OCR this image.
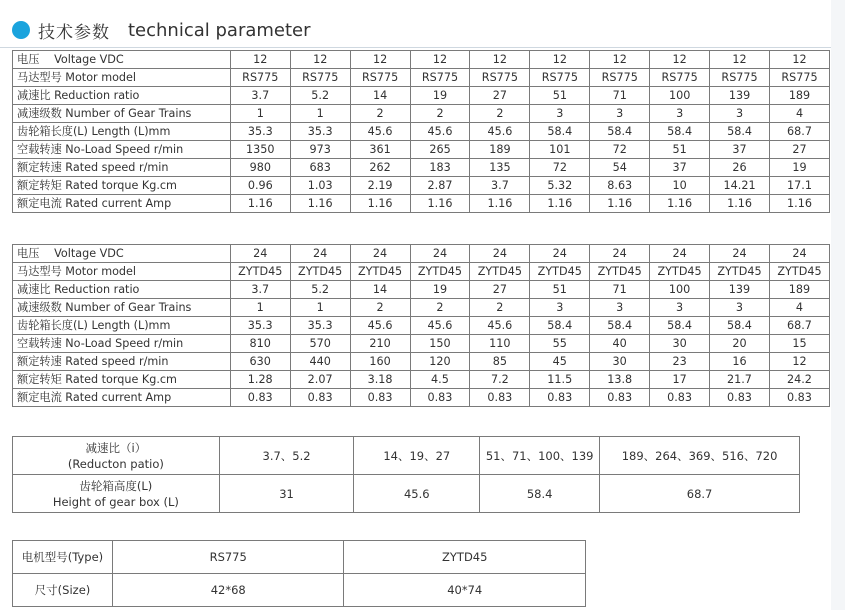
技术参数 technical parameter
电压　 Voltage VDC	12	12	12	12	12	12	12	12	12	12
马达型号 Motor model	RS775	RS775	RS775	RS775	RS775	RS775	RS775	RS775	RS775	RS775
减速比 Reduction ratio	3.7	5.2	14	19	27	51	71	100	139	189
减速级数 Number of Gear Trains	1	1	2	2	2	3	3	3	3	4
齿轮箱长度(L) Length (L)mm	35.3	35.3	45.6	45.6	45.6	58.4	58.4	58.4	58.4	68.7
空载转速 No-Load Speed r/min	1350	973	361	265	189	101	72	51	37	27
额定转速 Rated speed r/min	980	683	262	183	135	72	54	37	26	19
额定转矩 Rated torque Kg.cm	0.96	1.03	2.19	2.87	3.7	5.32	8.63	10	14.21	17.1
额定电流 Rated current Amp	1.16	1.16	1.16	1.16	1.16	1.16	1.16	1.16	1.16	1.16
电压　 Voltage VDC	24	24	24	24	24	24	24	24	24	24
马达型号 Motor model	ZYTD45	ZYTD45	ZYTD45	ZYTD45	ZYTD45	ZYTD45	ZYTD45	ZYTD45	ZYTD45	ZYTD45
减速比 Reduction ratio	3.7	5.2	14	19	27	51	71	100	139	189
减速级数 Number of Gear Trains	1	1	2	2	2	3	3	3	3	4
齿轮箱长度(L) Length (L)mm	35.3	35.3	45.6	45.6	45.6	58.4	58.4	58.4	58.4	68.7
空载转速 No-Load Speed r/min	810	570	210	150	110	55	40	30	20	15
额定转速 Rated speed r/min	630	440	160	120	85	45	30	23	16	12
额定转矩 Rated torque Kg.cm	1.28	2.07	3.18	4.5	7.2	11.5	13.8	17	21.7	24.2
额定电流 Rated current Amp	0.83	0.83	0.83	0.83	0.83	0.83	0.83	0.83	0.83	0.83
减速比（i）
(Reducton patio)	3.7、5.2	14、19、27	51、71、100、139	189、264、369、516、720

齿轮箱高度(L)
Height of gear box (L)	31	45.6	58.4	68.7
电机型号(Type)	RS775	ZYTD45
尺寸(Size)	42*68	40*74
